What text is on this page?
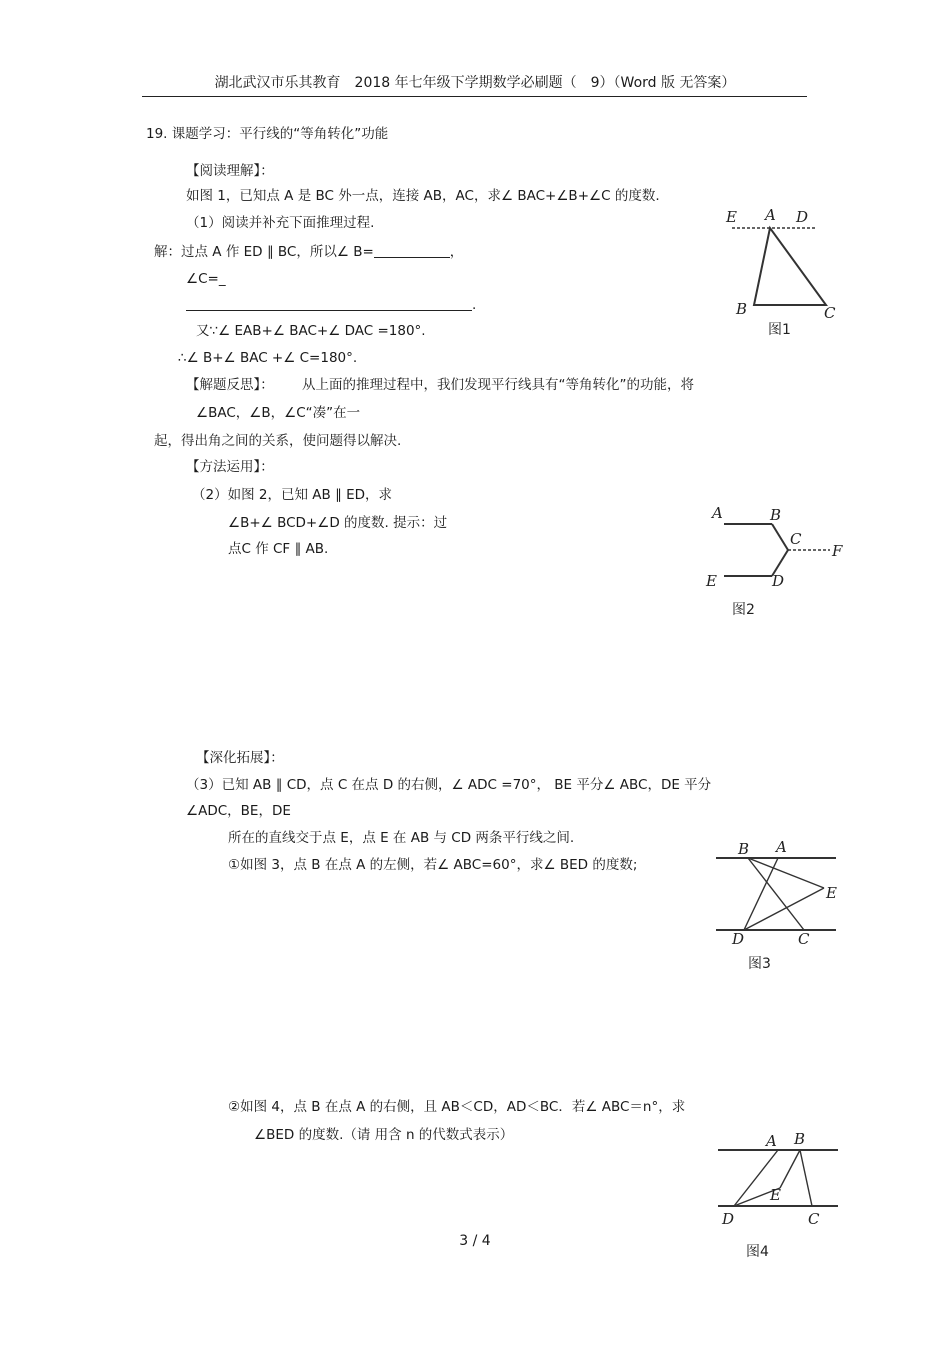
湖北武汉市乐其教育　2018 年七年级下学期数学必刷题（　9）（Word 版 无答案）
19. 课题学习：平行线的“等角转化”功能
【阅读理解】：
如图 1，已知点 A 是 BC 外一点，连接 AB，AC，求∠ BAC+∠B+∠C 的度数.
（1）阅读并补充下面推理过程.
解：过点 A 作 ED ∥ BC，所以∠ B=	，
∠C=_
.
又∵∠ EAB+∠ BAC+∠ DAC =180°.
∴∠ B+∠ BAC +∠ C=180°.
【解题反思】： 从上面的推理过程中，我们发现平行线具有“等角转化”的功能，将
∠BAC，∠B，∠C“凑”在一
起，得出角之间的关系，使问题得以解决.
【方法运用】：
（2）如图 2，已知 AB ∥ ED，求
∠B+∠ BCD+∠D 的度数. 提示：过
点C 作 CF ∥ AB.
【深化拓展】：
（3）已知 AB ∥ CD，点 C 在点 D 的右侧，∠ ADC =70°， BE 平分∠ ABC，DE 平分
∠ADC，BE，DE
所在的直线交于点 E，点 E 在 AB 与 CD 两条平行线之间.
①如图 3，点 B 在点 A 的左侧，若∠ ABC=60°，求∠ BED 的度数;
②如图 4，点 B 在点 A 的右侧，且 AB＜CD，AD＜BC．若∠ ABC＝n°，求
∠BED 的度数.（请 用含 n 的代数式表示）
3 / 4
E A D
B	C
图1
A	B
C
F
E	D
图2
B A
E
D	C
图3
A B
E
D	C
图4
